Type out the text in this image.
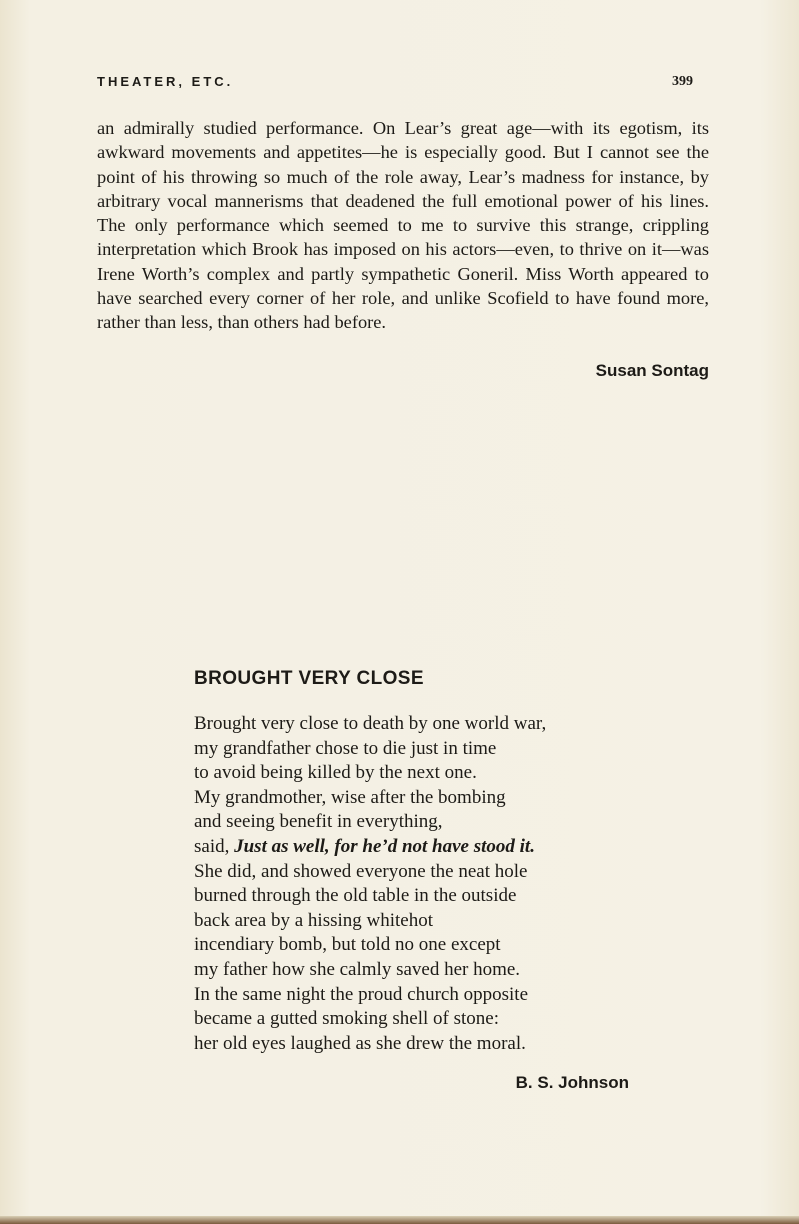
THEATER, ETC.	399

an admirally studied performance. On Lear’s great age—with its egotism, its awkward movements and appetites—he is especially good. But I cannot see the point of his throwing so much of the role away, Lear’s madness for instance, by arbitrary vocal mannerisms that deadened the full emotional power of his lines. The only performance which seemed to me to survive this strange, crippling interpretation which Brook has imposed on his actors—even, to thrive on it—was Irene Worth’s complex and partly sympathetic Goneril. Miss Worth appeared to have searched every corner of her role, and unlike Scofield to have found more, rather than less, than others had before.

Susan Sontag
BROUGHT VERY CLOSE
Brought very close to death by one world war,
my grandfather chose to die just in time
to avoid being killed by the next one.
My grandmother, wise after the bombing
and seeing benefit in everything,
said, Just as well, for he’d not have stood it.
She did, and showed everyone the neat hole
burned through the old table in the outside
back area by a hissing whitehot
incendiary bomb, but told no one except
my father how she calmly saved her home.
In the same night the proud church opposite
became a gutted smoking shell of stone:
her old eyes laughed as she drew the moral.
B. S. Johnson
